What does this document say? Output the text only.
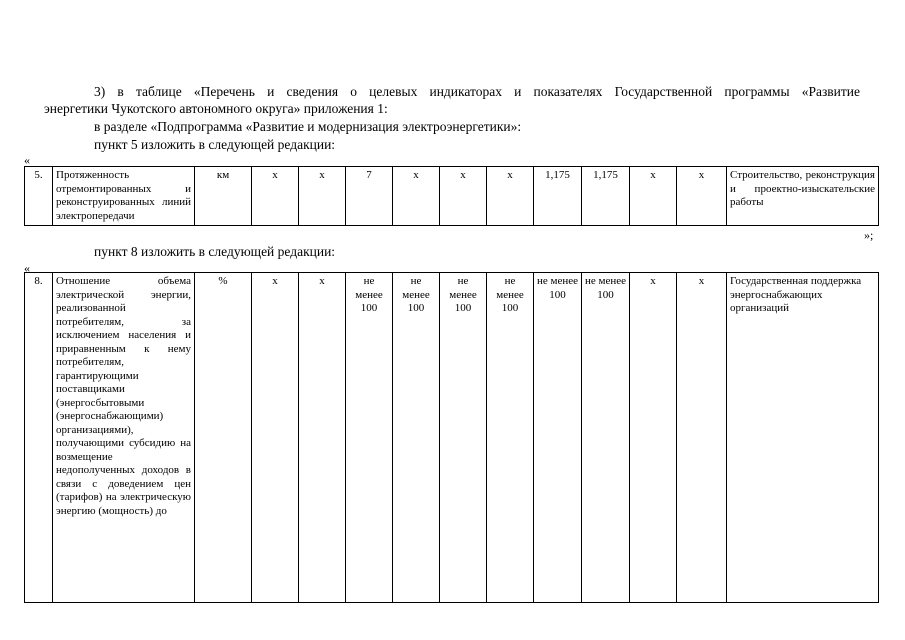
3) в таблице «Перечень и сведения о целевых индикаторах и показателях Государственной программы «Развитие
энергетики Чукотского автономного округа» приложения 1:
в разделе «Подпрограмма «Развитие и модернизация электроэнергетики»:
пункт 5 изложить в следующей редакции:
«
5.	Протяженность отремонтированных и реконструированных линий электропередачи	км	х	х	7	х	х	х	1,175	1,175	х	х	Строительство, реконструкция и проектно-изыскательские работы
»;
пункт 8 изложить в следующей редакции:
«
8.	Отношение объема электрической энергии, реализованной потребителям, за исключением населения и приравненным к нему потребителям, гарантирующими поставщиками (энергосбытовыми (энергоснабжающими) организациями), получающими субсидию на возмещение недополученных доходов в связи с доведением цен (тарифов) на электрическую энергию (мощность) до	%	х	х	не менее 100	не менее 100	не менее 100	не менее 100	не менее 100	не менее 100	х	х	Государственная поддержка энергоснабжающих организаций
